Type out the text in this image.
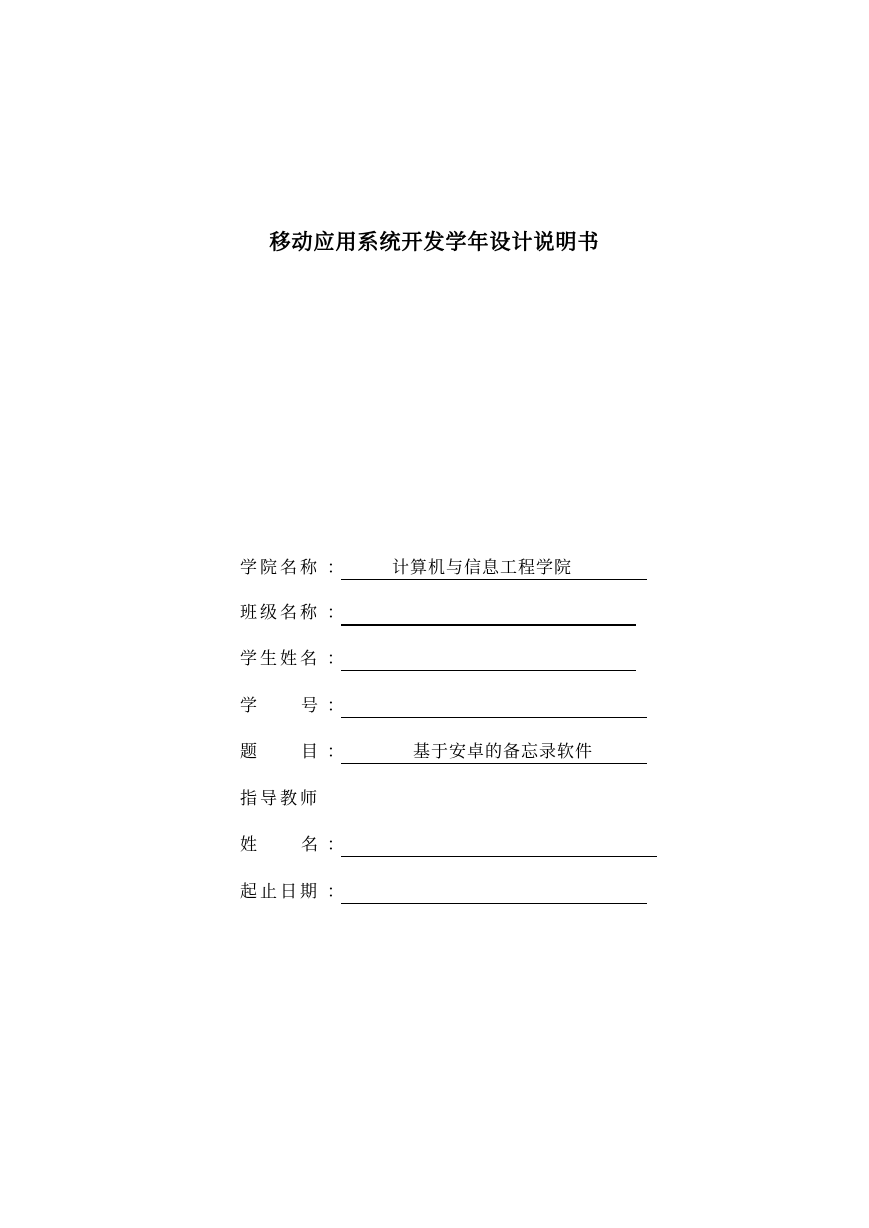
移动应用系统开发学年设计说明书
学院名称 ：	计算机与信息工程学院
班级名称 ：
学生姓名 ：
学	号 ：
题	目 ：	基于安卓的备忘录软件
指导教师
姓	名 ：
起止日期 ：
